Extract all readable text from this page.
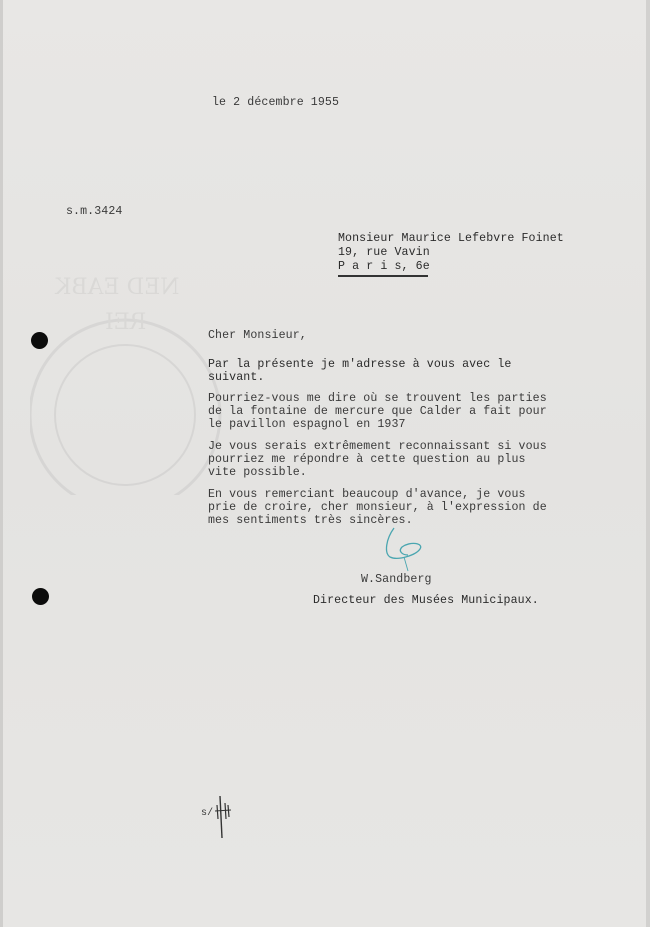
NED EABK
REI
le 2 décembre 1955
s.m.3424
Monsieur Maurice Lefebvre Foinet
19, rue Vavin
P a r i s, 6e
Cher Monsieur,
Par la présente je m'adresse à vous avec le
suivant.
Pourriez-vous me dire où se trouvent les parties
de la fontaine de mercure que Calder a fait pour
le pavillon espagnol en 1937
Je vous serais extrêmement reconnaissant si vous
pourriez me répondre à cette question au plus
vite possible.
En vous remerciant beaucoup d'avance, je vous
prie de croire, cher monsieur, à l'expression de
mes sentiments très sincères.
W.Sandberg
Directeur des Musées Municipaux.
s/
